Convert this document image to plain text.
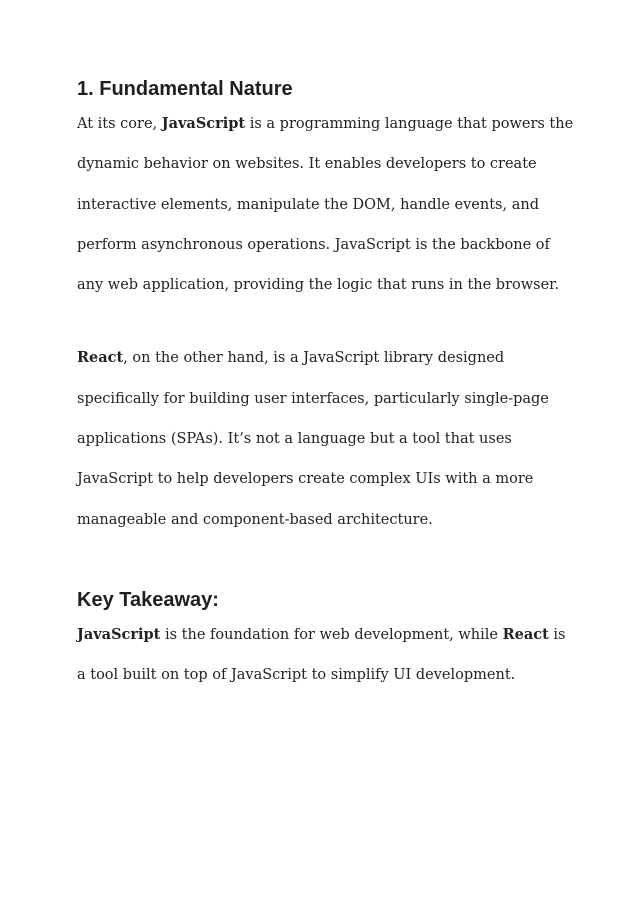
1. Fundamental Nature

At its core, JavaScript is a programming language that powers the dynamic behavior on websites. It enables developers to create interactive elements, manipulate the DOM, handle events, and perform asynchronous operations. JavaScript is the backbone of any web application, providing the logic that runs in the browser.

React, on the other hand, is a JavaScript library designed specifically for building user interfaces, particularly single-page applications (SPAs). It’s not a language but a tool that uses JavaScript to help developers create complex UIs with a more manageable and component-based architecture.

Key Takeaway:

JavaScript is the foundation for web development, while React is a tool built on top of JavaScript to simplify UI development.
